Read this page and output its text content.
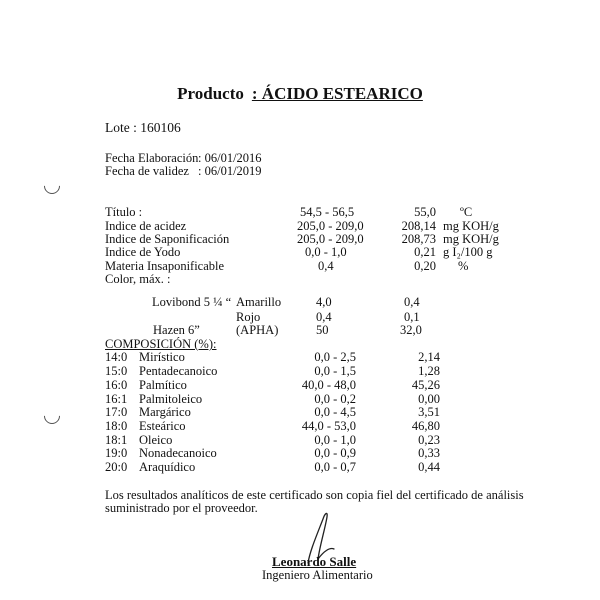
Producto : ÁCIDO ESTEARICO
Lote : 160106
Fecha Elaboración : 06/01/2016
Fecha de validez : 06/01/2019
Título :	54,5 - 56,5	55,0 ºC
Indice de acidez	205,0 - 209,0	208,14 mg KOH/g
Indice de Saponificación	205,0 - 209,0	208,73 mg KOH/g
Indice de Yodo	0,0 - 1,0	0,21 g I₂/100 g
Materia Insaponificable	0,4	0,20 %
Color, máx. :
Lovibond 5 ¼ “ Amarillo	4,0	0,4
Rojo	0,4	0,1
Hazen 6”	(APHA)	50	32,0
COMPOSICIÓN (%):
14:0 Mirístico	0,0 - 2,5	2,14
15:0 Pentadecanoico	0,0 - 1,5	1,28
16:0 Palmítico	40,0 - 48,0	45,26
16:1 Palmitoleico	0,0 - 0,2	0,00
17:0 Margárico	0,0 - 4,5	3,51
18:0 Esteárico	44,0 - 53,0	46,80
18:1 Oleico	0,0 - 1,0	0,23
19:0 Nonadecanoico	0,0 - 0,9	0,33
20:0 Araquídico	0,0 - 0,7	0,44
Los resultados analíticos de este certificado son copia fiel del certificado de análisis
suministrado por el proveedor.
Leonardo Salle
Ingeniero Alimentario
